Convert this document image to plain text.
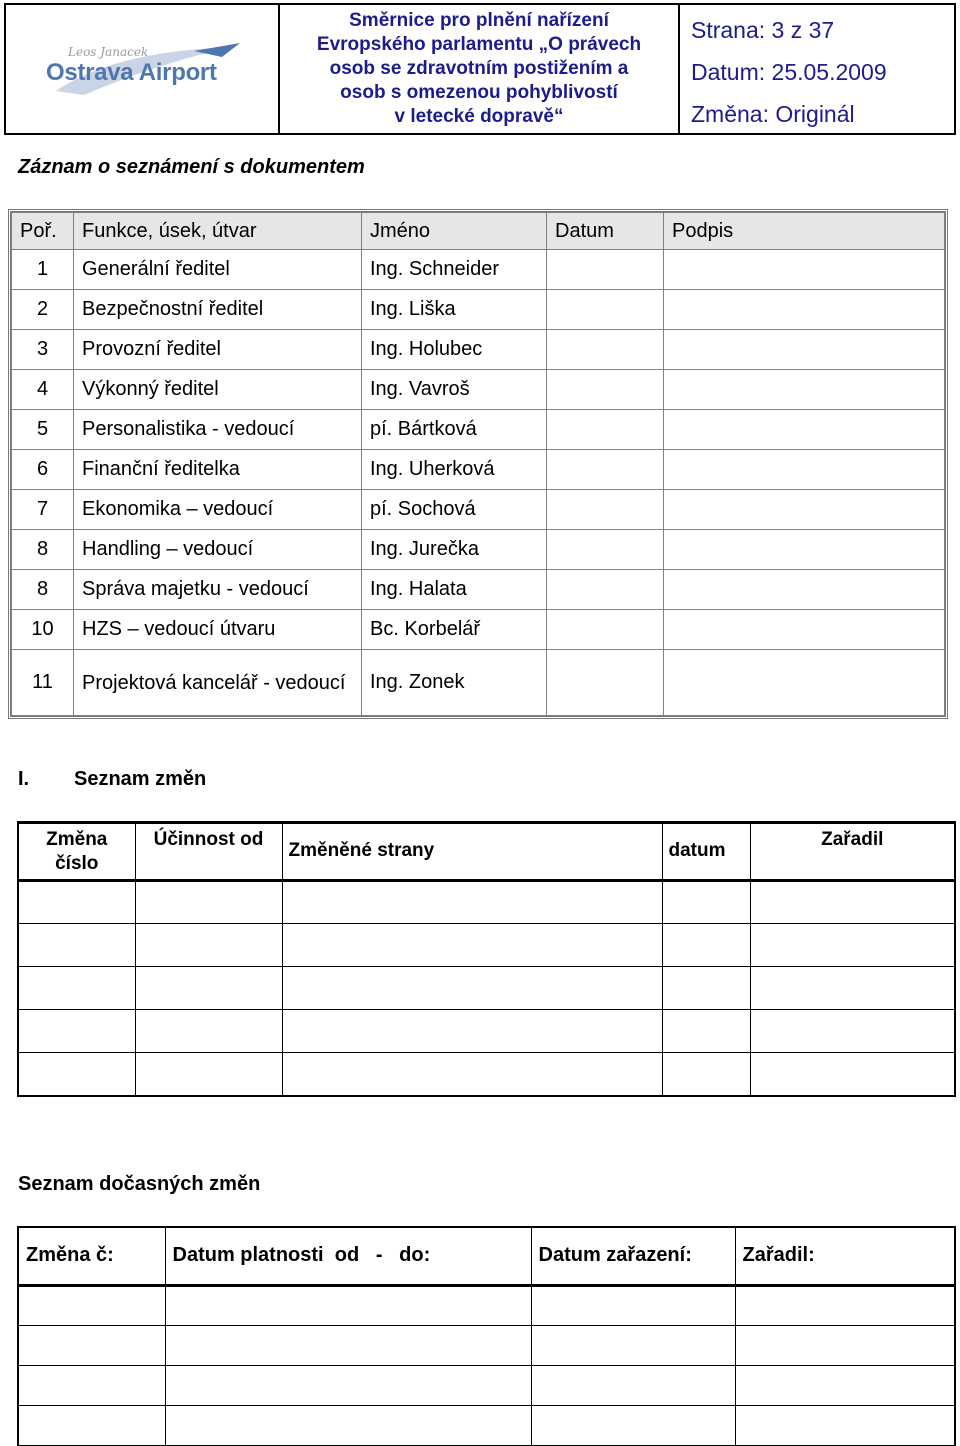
Leos Janacek
Ostrava Airport
Směrnice pro plnění nařízení
Evropského parlamentu „O právech
osob se zdravotním postižením a
osob s omezenou pohyblivostí
v letecké dopravě“
Strana: 3 z 37
Datum: 25.05.2009
Změna: Originál
Záznam o seznámení s dokumentem
Poř.	Funkce, úsek, útvar	Jméno	Datum	Podpis
1	Generální ředitel	Ing. Schneider		
2	Bezpečnostní ředitel	Ing. Liška		
3	Provozní ředitel	Ing. Holubec		
4	Výkonný ředitel	Ing. Vavroš		
5	Personalistika - vedoucí	pí. Bártková		
6	Finanční ředitelka	Ing. Uherková		
7	Ekonomika – vedoucí	pí. Sochová		
8	Handling – vedoucí	Ing. Jurečka		
8	Správa majetku - vedoucí	Ing. Halata		
10	HZS – vedoucí útvaru	Bc. Korbelář		
11	Projektová kancelář - vedoucí	Ing. Zonek		
I. Seznam změn
Změna
číslo	Účinnost od	Změněné strany	datum	Zařadil

Seznam dočasných změn
Změna č:	Datum platnosti  od   -   do:	Datum zařazení:	Zařadil:
